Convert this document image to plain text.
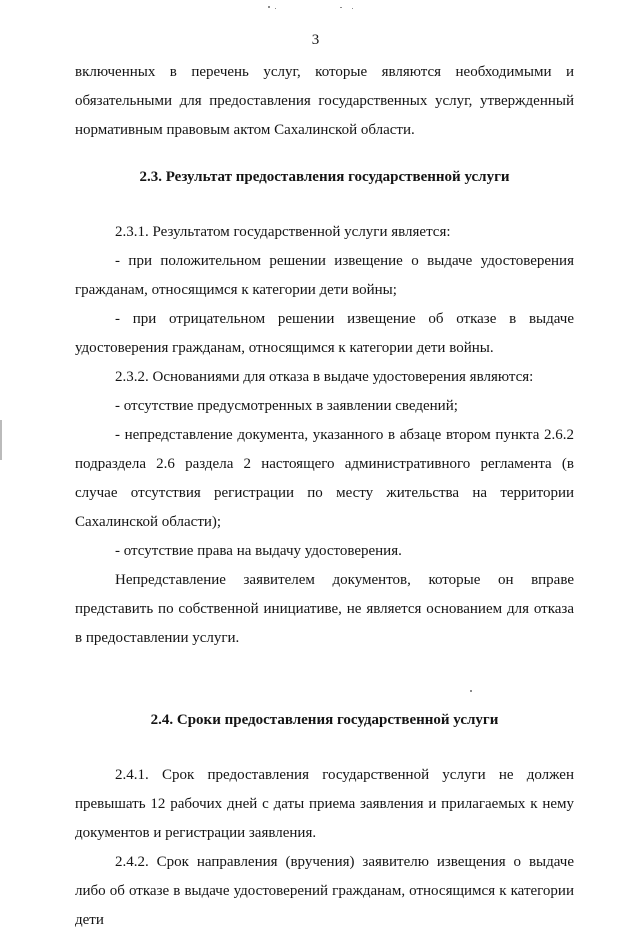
3

включенных в перечень услуг, которые являются необходимыми и обязательными для предоставления государственных услуг, утвержденный нормативным правовым актом Сахалинской области.

2.3. Результат предоставления государственной услуги

2.3.1. Результатом государственной услуги является:

- при положительном решении извещение о выдаче удостоверения гражданам, относящимся к категории дети войны;

- при отрицательном решении извещение об отказе в выдаче удостоверения гражданам, относящимся к категории дети войны.

2.3.2. Основаниями для отказа в выдаче удостоверения являются:

- отсутствие предусмотренных в заявлении сведений;

- непредставление документа, указанного в абзаце втором пункта 2.6.2 подраздела 2.6 раздела 2 настоящего административного регламента (в случае отсутствия регистрации по месту жительства на территории Сахалинской области);

- отсутствие права на выдачу удостоверения.

Непредставление заявителем документов, которые он вправе представить по собственной инициативе, не является основанием для отказа в предоставлении услуги.

2.4. Сроки предоставления государственной услуги

2.4.1. Срок предоставления государственной услуги не должен превышать 12 рабочих дней с даты приема заявления и прилагаемых к нему документов и регистрации заявления.

2.4.2. Срок направления (вручения) заявителю извещения о выдаче либо об отказе в выдаче удостоверений гражданам, относящимся к категории дети
